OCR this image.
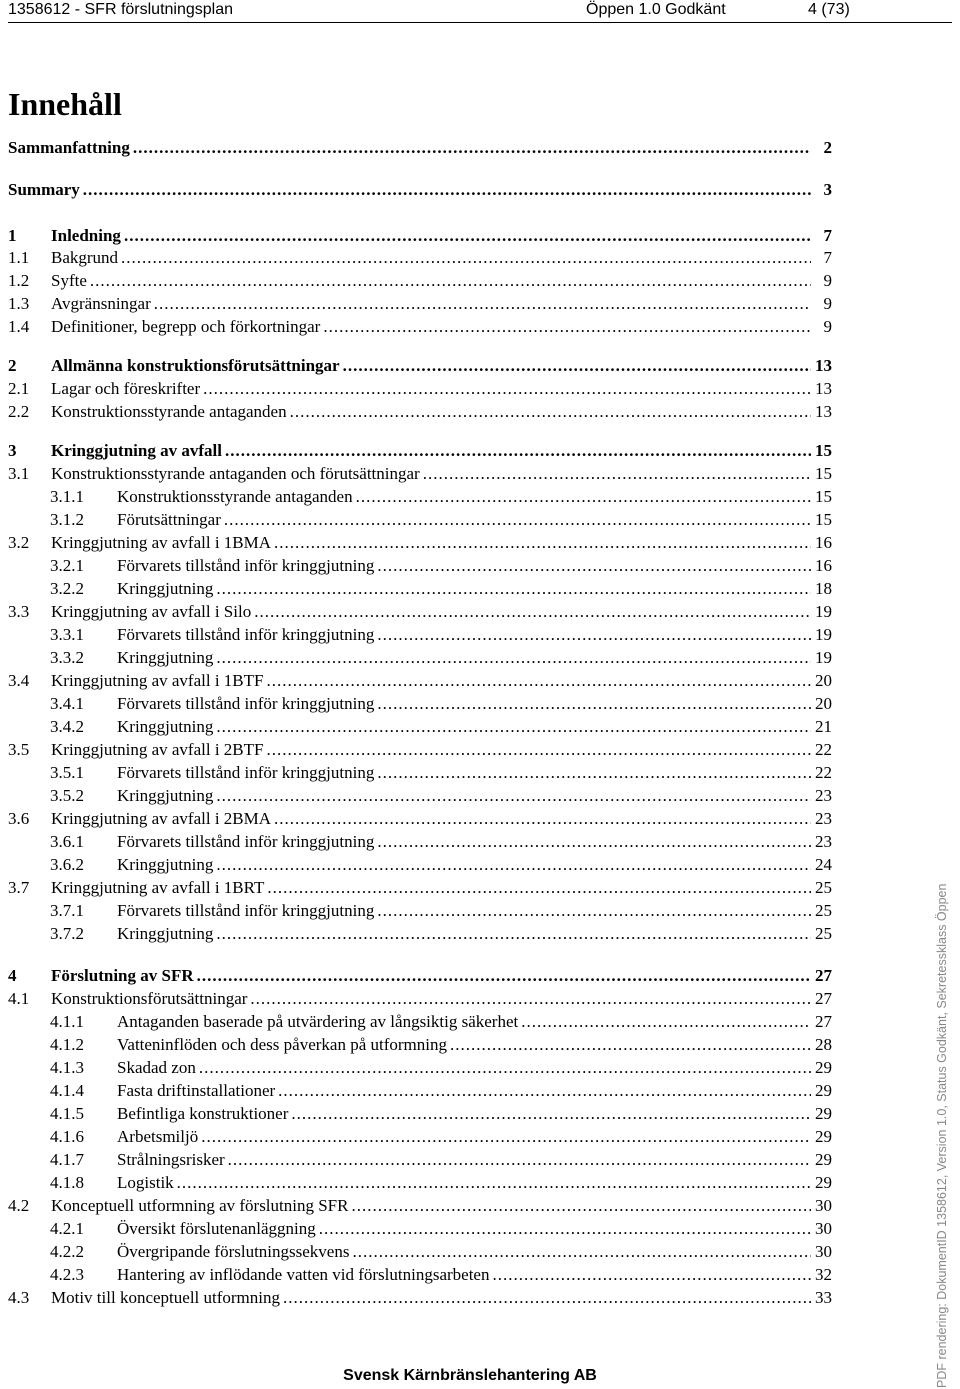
1358612 - SFR förslutningsplan	Öppen 1.0 Godkänt	4 (73)
Innehåll
Sammanfattning .....	2
Summary .....	3
1	Inledning .....	7
1.1	Bakgrund .....	7
1.2	Syfte .....	9
1.3	Avgränsningar .....	9
1.4	Definitioner, begrepp och förkortningar .....	9
2	Allmänna konstruktionsförutsättningar .....	13
2.1	Lagar och föreskrifter .....	13
2.2	Konstruktionsstyrande antaganden .....	13
3	Kringgjutning av avfall .....	15
3.1	Konstruktionsstyrande antaganden och förutsättningar .....	15
3.1.1	Konstruktionsstyrande antaganden .....	15
3.1.2	Förutsättningar .....	15
3.2	Kringgjutning av avfall i 1BMA .....	16
3.2.1	Förvarets tillstånd inför kringgjutning .....	16
3.2.2	Kringgjutning .....	18
3.3	Kringgjutning av avfall i Silo .....	19
3.3.1	Förvarets tillstånd inför kringgjutning .....	19
3.3.2	Kringgjutning .....	19
3.4	Kringgjutning av avfall i 1BTF .....	20
3.4.1	Förvarets tillstånd inför kringgjutning .....	20
3.4.2	Kringgjutning .....	21
3.5	Kringgjutning av avfall i 2BTF .....	22
3.5.1	Förvarets tillstånd inför kringgjutning .....	22
3.5.2	Kringgjutning .....	23
3.6	Kringgjutning av avfall i 2BMA .....	23
3.6.1	Förvarets tillstånd inför kringgjutning .....	23
3.6.2	Kringgjutning .....	24
3.7	Kringgjutning av avfall i 1BRT .....	25
3.7.1	Förvarets tillstånd inför kringgjutning .....	25
3.7.2	Kringgjutning .....	25
4	Förslutning av SFR .....	27
4.1	Konstruktionsförutsättningar .....	27
4.1.1	Antaganden baserade på utvärdering av långsiktig säkerhet .....	27
4.1.2	Vatteninflöden och dess påverkan på utformning .....	28
4.1.3	Skadad zon .....	29
4.1.4	Fasta driftinstallationer .....	29
4.1.5	Befintliga konstruktioner .....	29
4.1.6	Arbetsmiljö .....	29
4.1.7	Strålningsrisker .....	29
4.1.8	Logistik .....	29
4.2	Konceptuell utformning av förslutning SFR .....	30
4.2.1	Översikt förslutenanläggning .....	30
4.2.2	Övergripande förslutningssekvens .....	30
4.2.3	Hantering av inflödande vatten vid förslutningsarbeten .....	32
4.3	Motiv till konceptuell utformning .....	33
Svensk Kärnbränslehantering AB	PDF rendering: DokumentID 1358612, Version 1.0, Status Godkänt, Sekretessklass Öppen
